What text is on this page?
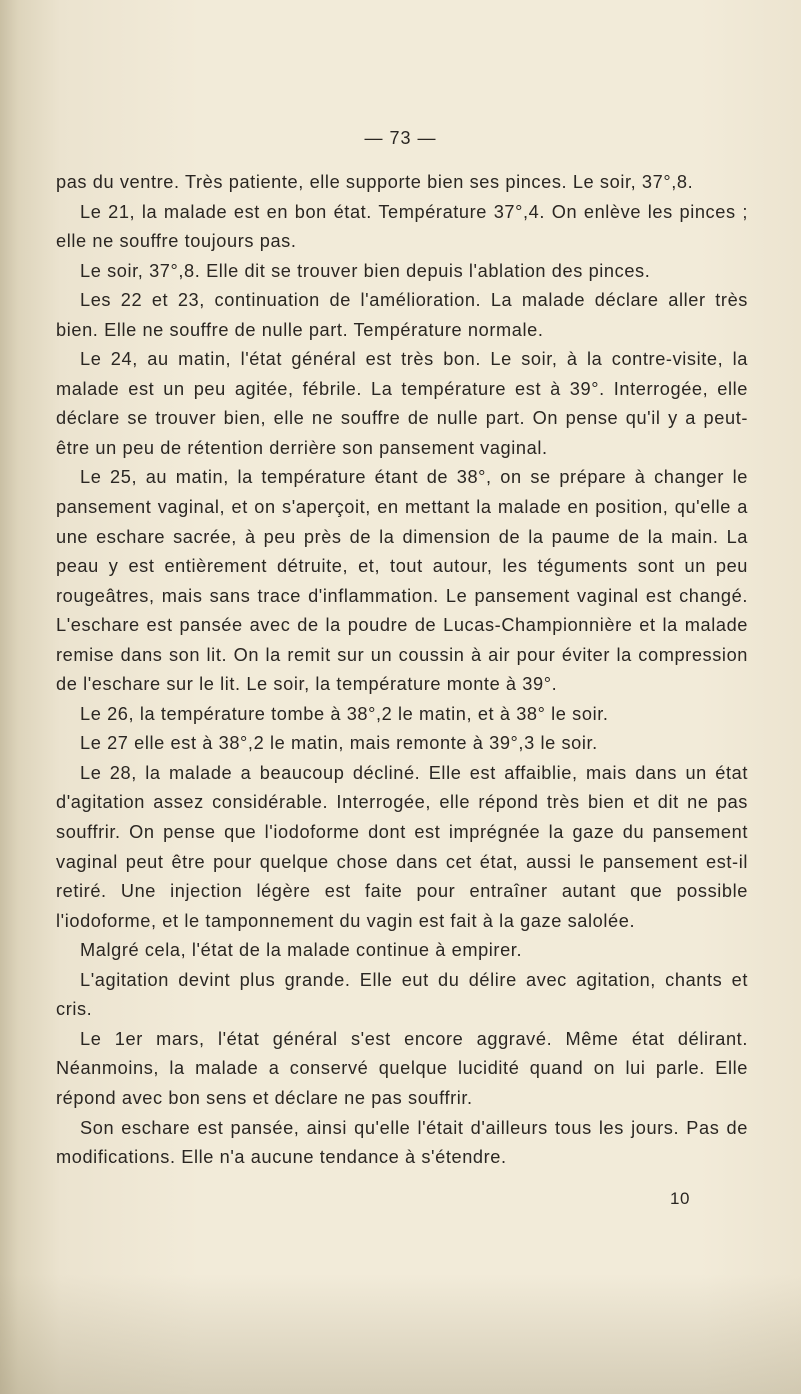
— 73 —

pas du ventre. Très patiente, elle supporte bien ses pinces. Le soir, 37°,8.

Le 21, la malade est en bon état. Température 37°,4. On enlève les pinces ; elle ne souffre toujours pas.

Le soir, 37°,8. Elle dit se trouver bien depuis l'ablation des pinces.

Les 22 et 23, continuation de l'amélioration. La malade déclare aller très bien. Elle ne souffre de nulle part. Température normale.

Le 24, au matin, l'état général est très bon. Le soir, à la contre-visite, la malade est un peu agitée, fébrile. La température est à 39°. Interrogée, elle déclare se trouver bien, elle ne souffre de nulle part. On pense qu'il y a peut-être un peu de rétention derrière son pansement vaginal.

Le 25, au matin, la température étant de 38°, on se prépare à changer le pansement vaginal, et on s'aperçoit, en mettant la malade en position, qu'elle a une eschare sacrée, à peu près de la dimension de la paume de la main. La peau y est entièrement détruite, et, tout autour, les téguments sont un peu rougeâtres, mais sans trace d'inflammation. Le pansement vaginal est changé. L'eschare est pansée avec de la poudre de Lucas-Championnière et la malade remise dans son lit. On la remit sur un coussin à air pour éviter la compression de l'eschare sur le lit. Le soir, la température monte à 39°.

Le 26, la température tombe à 38°,2 le matin, et à 38° le soir.

Le 27 elle est à 38°,2 le matin, mais remonte à 39°,3 le soir.

Le 28, la malade a beaucoup décliné. Elle est affaiblie, mais dans un état d'agitation assez considérable. Interrogée, elle répond très bien et dit ne pas souffrir. On pense que l'iodoforme dont est imprégnée la gaze du pansement vaginal peut être pour quelque chose dans cet état, aussi le pansement est-il retiré. Une injection légère est faite pour entraîner autant que possible l'iodoforme, et le tamponnement du vagin est fait à la gaze salolée.

Malgré cela, l'état de la malade continue à empirer.

L'agitation devint plus grande. Elle eut du délire avec agitation, chants et cris.

Le 1er mars, l'état général s'est encore aggravé. Même état délirant. Néanmoins, la malade a conservé quelque lucidité quand on lui parle. Elle répond avec bon sens et déclare ne pas souffrir.

Son eschare est pansée, ainsi qu'elle l'était d'ailleurs tous les jours. Pas de modifications. Elle n'a aucune tendance à s'étendre.

10
